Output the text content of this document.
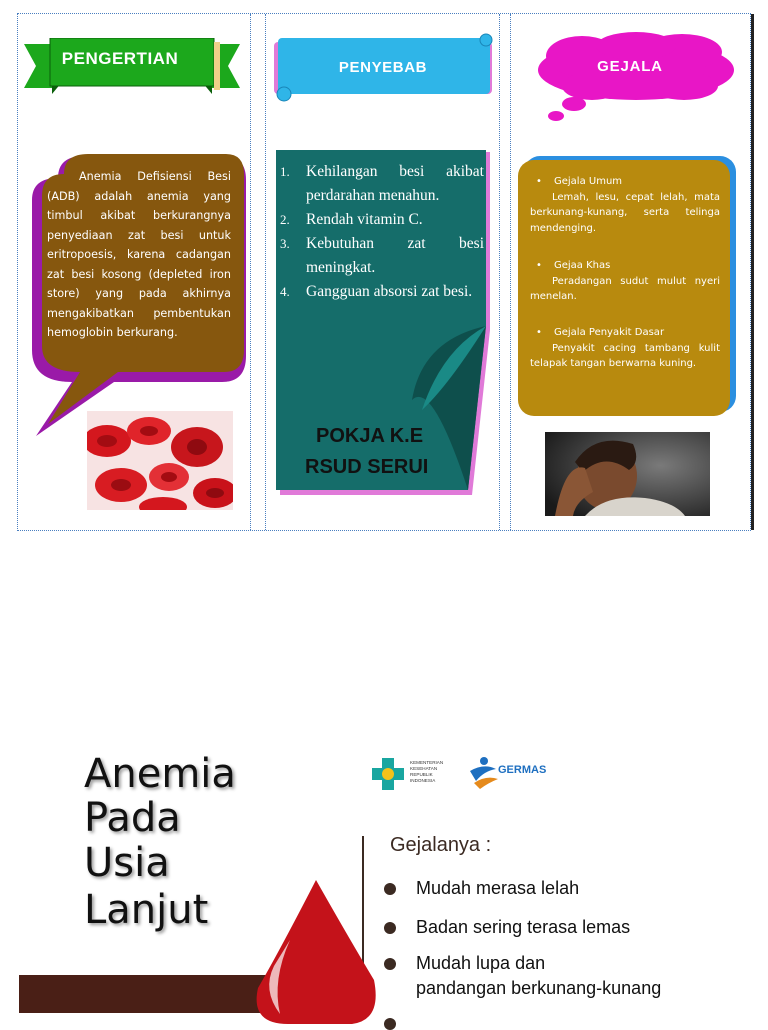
PENGERTIAN
Anemia Defisiensi Besi (ADB) adalah anemia yang timbul akibat berkurangnya penyediaan zat besi untuk eritropoesis, karena cadangan zat besi kosong (depleted iron store) yang pada akhirnya mengakibatkan pembentukan hemoglobin berkurang.
PENYEBAB
1. Kehilangan besi akibat perdarahan menahun.
2. Rendah vitamin C.
3. Kebutuhan zat besi meningkat.
4. Gangguan absorsi zat besi.
POKJA K.E
RSUD SERUI
GEJALA
• Gejala Umum
Lemah, lesu, cepat lelah, mata berkunang-kunang, serta telinga mendenging.
• Gejaa Khas
Peradangan sudut mulut nyeri menelan.
• Gejala Penyakit Dasar
Penyakit cacing tambang kulit telapak tangan berwarna kuning.
Anemia
Pada
Usia
Lanjut
KEMENTERIAN KESEHATAN REPUBLIK INDONESIA
GERMAS
Gejalanya :
Mudah merasa lelah
Badan sering terasa lemas
Mudah lupa dan
pandangan berkunang-kunang
